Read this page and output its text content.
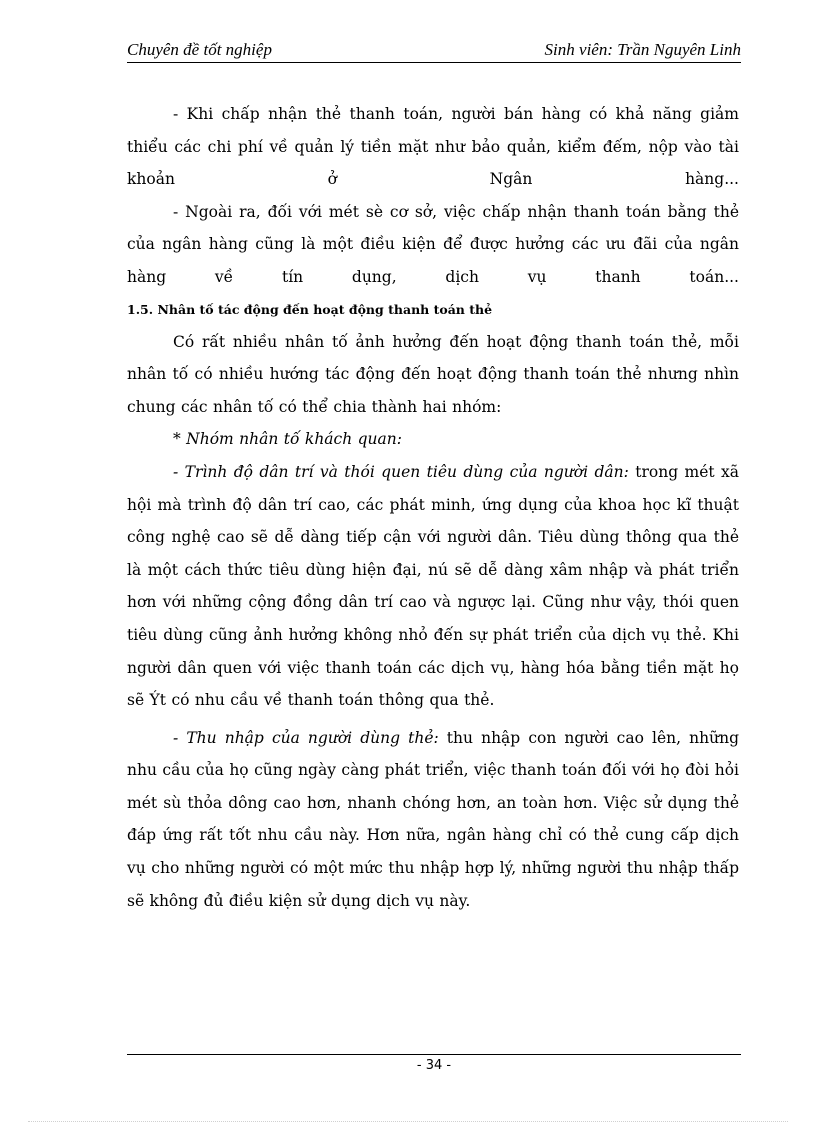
Chuyên đề tốt nghiệp	Sinh viên: Trần Nguyên Linh

- Khi chấp nhận thẻ thanh toán, người bán hàng có khả năng giảm thiểu các chi phí về quản lý tiền mặt như bảo quản, kiểm đếm, nộp vào tài khoản ở Ngân hàng...

- Ngoài ra, đối với mét sè cơ sở, việc chấp nhận thanh toán bằng thẻ của ngân hàng cũng là một điều kiện để được hưởng các ưu đãi của ngân hàng về tín dụng, dịch vụ thanh toán...

1.5. Nhân tố tác động đến hoạt động thanh toán thẻ

Có rất nhiều nhân tố ảnh hưởng đến hoạt động thanh toán thẻ, mỗi nhân tố có nhiều hướng tác động đến hoạt động thanh toán thẻ nhưng nhìn chung các nhân tố có thể chia thành hai nhóm:

* Nhóm nhân tố khách quan:

- Trình độ dân trí và thói quen tiêu dùng của người dân: trong mét xã hội mà trình độ dân trí cao, các phát minh, ứng dụng của khoa học kĩ thuật công nghệ cao sẽ dễ dàng tiếp cận với người dân. Tiêu dùng thông qua thẻ là một cách thức tiêu dùng hiện đại, nú sẽ dễ dàng xâm nhập và phát triển hơn với những cộng đồng dân trí cao và ngược lại. Cũng như vậy, thói quen tiêu dùng cũng ảnh hưởng không nhỏ đến sự phát triển của dịch vụ thẻ. Khi người dân quen với việc thanh toán các dịch vụ, hàng hóa bằng tiền mặt họ sẽ Ýt có nhu cầu về thanh toán thông qua thẻ.

- Thu nhập của người dùng thẻ: thu nhập con người cao lên, những nhu cầu của họ cũng ngày càng phát triển, việc thanh toán đối với họ đòi hỏi mét sù thỏa dông cao hơn, nhanh chóng hơn, an toàn hơn. Việc sử dụng thẻ đáp ứng rất tốt nhu cầu này. Hơn nữa, ngân hàng chỉ có thẻ cung cấp dịch vụ cho những người có một mức thu nhập hợp lý, những người thu nhập thấp sẽ không đủ điều kiện sử dụng dịch vụ này.

- 34 -
